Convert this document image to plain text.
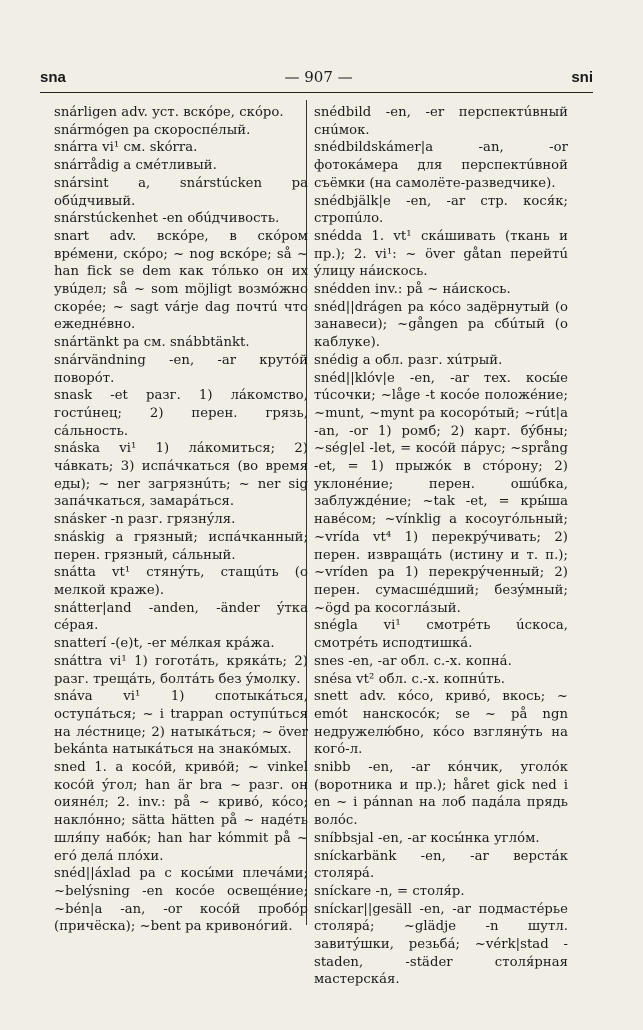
sna	— 907 —	sni

snárligen adv. уст. вскóре, скóро.

snármógen pa скороспéлый.

snárra vi¹ см. skórra.

snárrådig a смéтливый.

snársint a, snárstúcken pa обúдчивый.

snárstúckenhet -en обúдчивость.

snart adv. вскóре, в скóром врéмени, скóро; ~ nog вскóре; så ~ han fick se dem как тóлько он их увúдел; så ~ som möjligt возмóжно скорéе; ~ sagt várje dag почтú что ежеднéвно.

snártänkt pa см. snábbtänkt.

snárvändning -en, -ar крутóй поворóт.

snask -et разг. 1) лáкомство, гостúнец; 2) перен. грязь, сáльность.

snáska vi¹ 1) лáкомиться; 2) чáвкать; 3) испáчкаться (во время еды); ~ ner загрязнúть; ~ ner sig запáчкаться, замарáться.

snásker -n разг. грязнýля.

snáskig a грязный; испáчканный; перен. грязный, сáльный.

snátta vt¹ стянýть, стащúть (о мелкой краже).

snátter|and -anden, -änder ýтка сéрая.

snatterí -(e)t, -er мéлкая крáжа.

snáttra vi¹ 1) гоготáть, крякáть; 2) разг. трещáть, болтáть без ýмолку.

snáva vi¹ 1) спотыкáться, оступáться; ~ i trappan оступúться на лéстнице; 2) натыкáться; ~ över bekánta натыкáться на знакóмых.

sned 1. a косóй, кривóй; ~ vinkel косóй ýгол; han är bra ~ разг. он оиянéл; 2. inv.: på ~ кривó, кóсо; наклóнно; sätta hätten på ~ надéть шля́пу набóк; han har kómmit på ~ егó делá плóхи.

snéd||áxlad pa с косы́ми плечáми; ~belýsning -en косóе освещéние; ~bén|a -an, -or косóй пробóр (причёска); ~bent pa кривонóгий.

snédbild -en, -er перспектúвный снúмок.

snédbildskámer|a -an, -or фотокáмера для перспектúвной съёмки (на самолёте-разведчике).

snédbjälk|e -en, -ar стр. кося́к; стропúло.

snédda 1. vt¹ скáшивать (ткань и пр.); 2. vi¹: ~ över gåtan перейтú ýлицу нáискось.

snédden inv.: på ~ нáискось.

snéd||drágen pa кóсо задёрнутый (о занавеси); ~gången pa сбúтый (о каблуке).

snédig a обл. разг. хúтрый.

snéd||klóv|e -en, -ar тех. косы́е тúсочки; ~låge -t косóе положéние; ~munt, ~mynt pa косорóтый; ~rút|a -an, -or 1) ромб; 2) карт. бýбны; ~ség|el -let, = косóй пáрус; ~språng -et, = 1) прыжóк в стóрону; 2) уклонéние; перен. ошúбка, заблуждéние; ~tak -et, = кры́ша навéсом; ~vínklig a косоугóльный; ~vrída vt⁴ 1) перекрýчивать; 2) перен. извращáть (истину и т. п.); ~vríden pa 1) перекрýченный; 2) перен. сумасшéдший; безýмный; ~ögd pa косоглáзый.

snégla vi¹ смотрéть úскоса, смотрéть исподтишкá.

snes -en, -ar обл. с.-х. копнá.

snésa vt² обл. с.-х. копнúть.

snett adv. кóсо, кривó, вкось; ~ emót нанскосóк; se ~ på ngn недружелю́бно, кóсо взглянýть на когó-л.

snibb -en, -ar кóнчик, уголóк (воротника и пр.); håret gick ned i en ~ i pánnan на лоб падáла прядь волóс.

sníbbsjal -en, -ar косы́нка углóм.

sníckarbänk -en, -ar верстáк столярá.

sníckare -n, = столя́р.

sníckar||gesäll -en, -ar подмастéрье столярá; ~glädje -n шутл. завитýшки, резьбá; ~vérk|stad -staden, -städer столя́рная мастерскáя.
